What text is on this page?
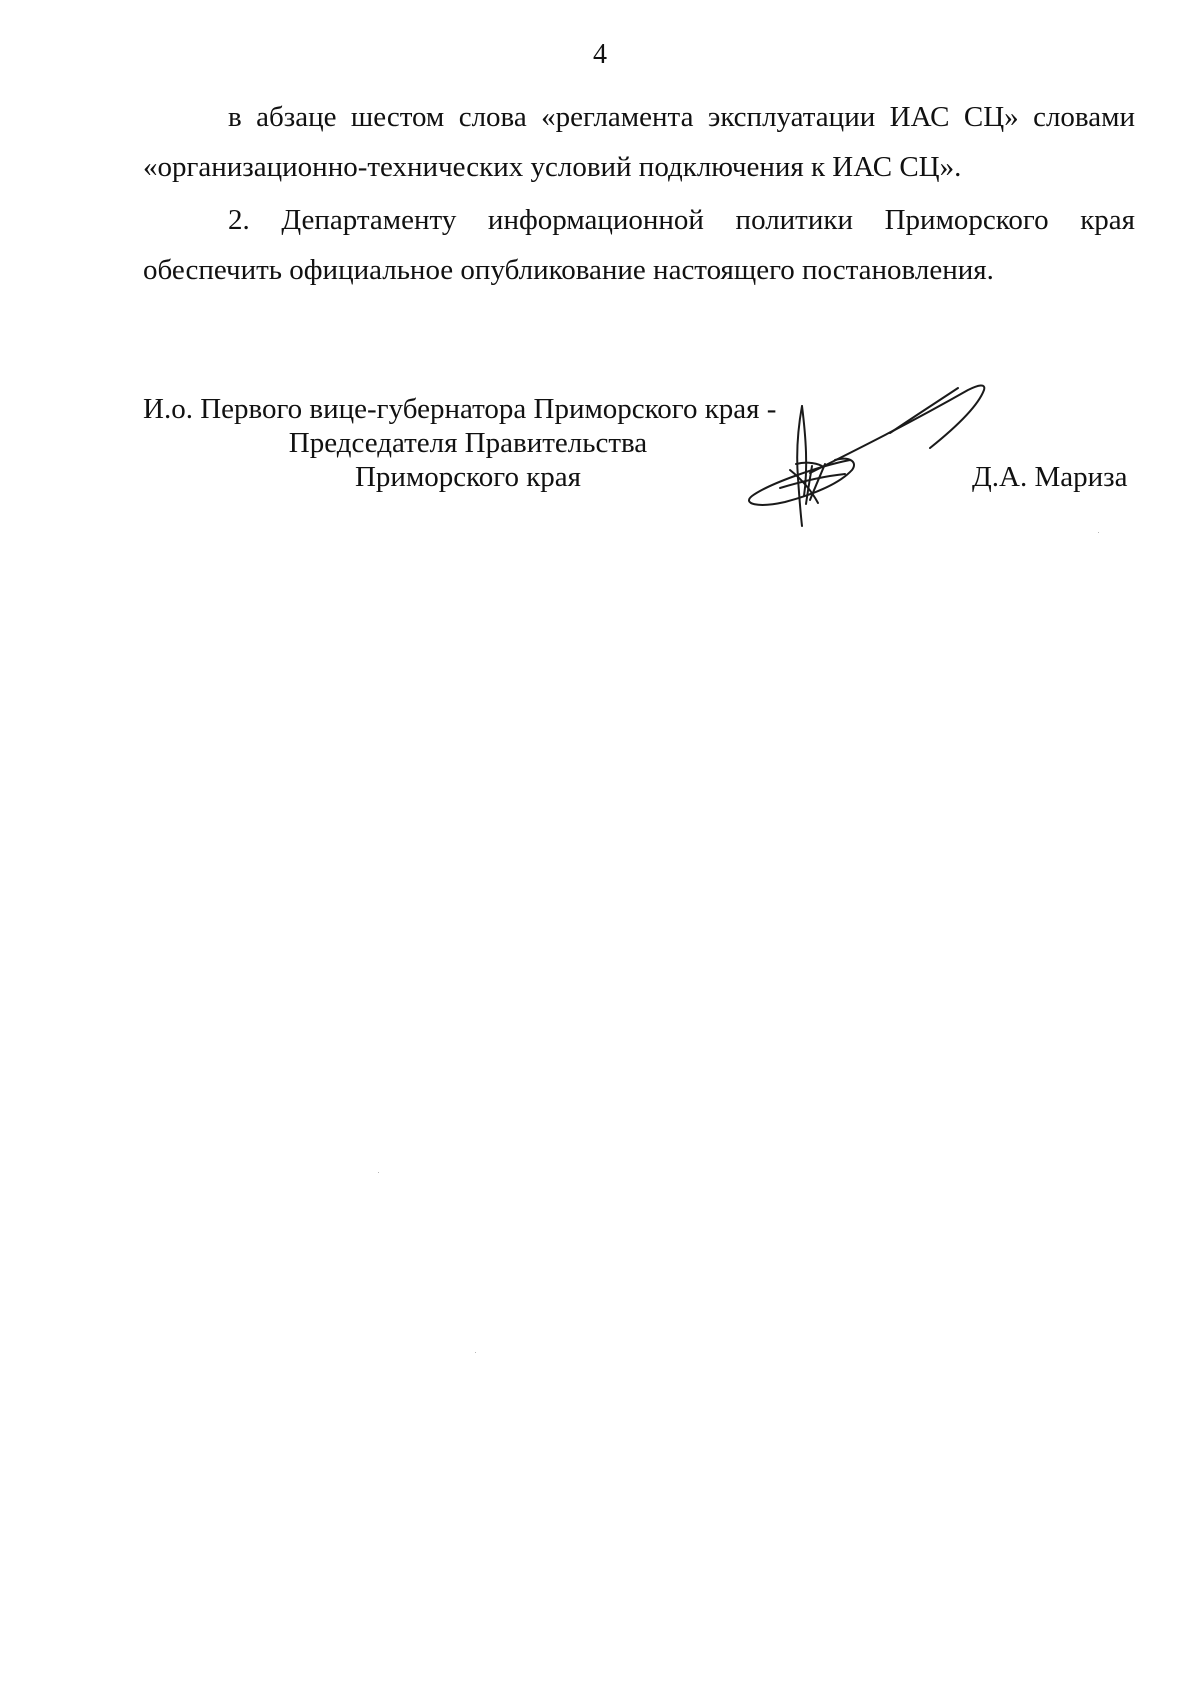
4

в абзаце шестом слова «регламента эксплуатации ИАС СЦ» словами «организационно-технических условий подключения к ИАС СЦ».

2. Департаменту информационной политики Приморского края обеспечить официальное опубликование настоящего постановления.

И.о. Первого вице-губернатора Приморского края -
Председателя Правительства
Приморского края	Д.А. Мариза
